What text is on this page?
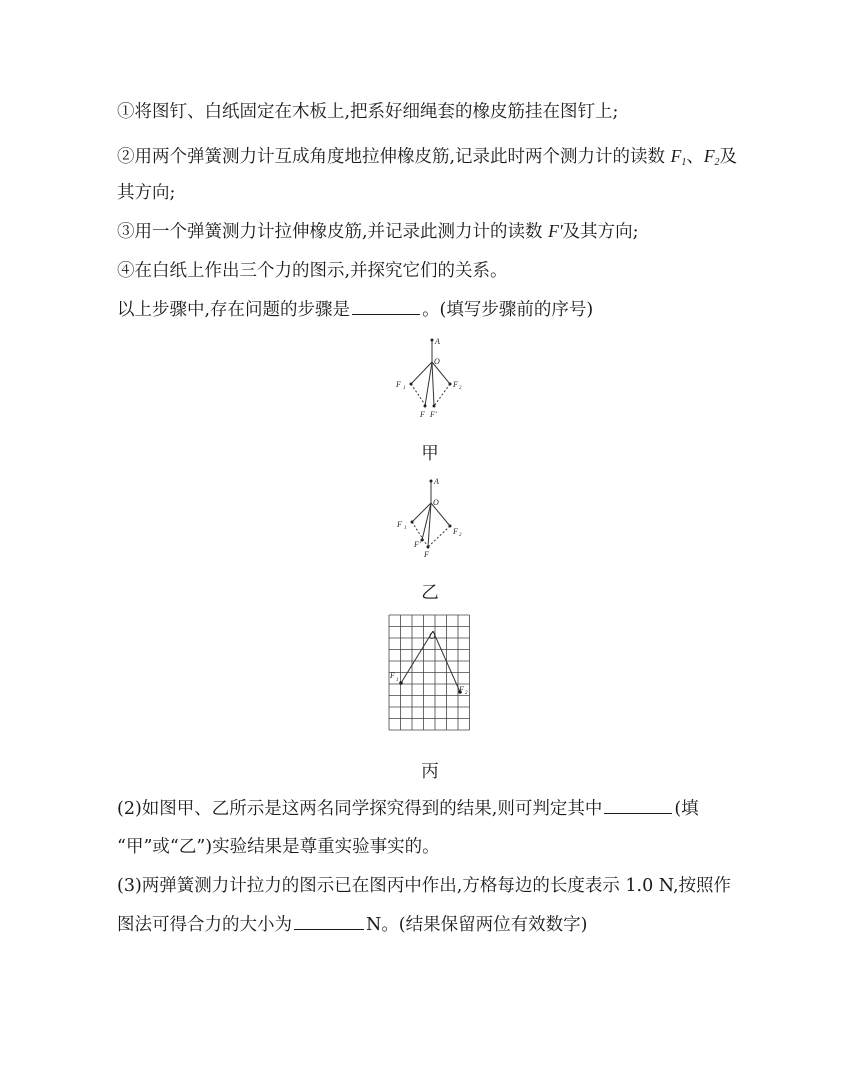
①将图钉、白纸固定在木板上,把系好细绳套的橡皮筋挂在图钉上;
②用两个弹簧测力计互成角度地拉伸橡皮筋,记录此时两个测力计的读数 $F_1$、$F_2$及
其方向;
③用一个弹簧测力计拉伸橡皮筋,并记录此测力计的读数 F'及其方向;
④在白纸上作出三个力的图示,并探究它们的关系。
以上步骤中,存在问题的步骤是	。(填写步骤前的序号)
A
O
F 1	F 2
F F'
甲
A
O
F 1	F 2
F'
F
乙
O
F
1
F 2
丙
(2)如图甲、乙所示是这两名同学探究得到的结果,则可判定其中	(填
“甲”或“乙”)实验结果是尊重实验事实的。
(3)两弹簧测力计拉力的图示已在图丙中作出,方格每边的长度表示 1.0 N,按照作
图法可得合力的大小为	N。(结果保留两位有效数字)
